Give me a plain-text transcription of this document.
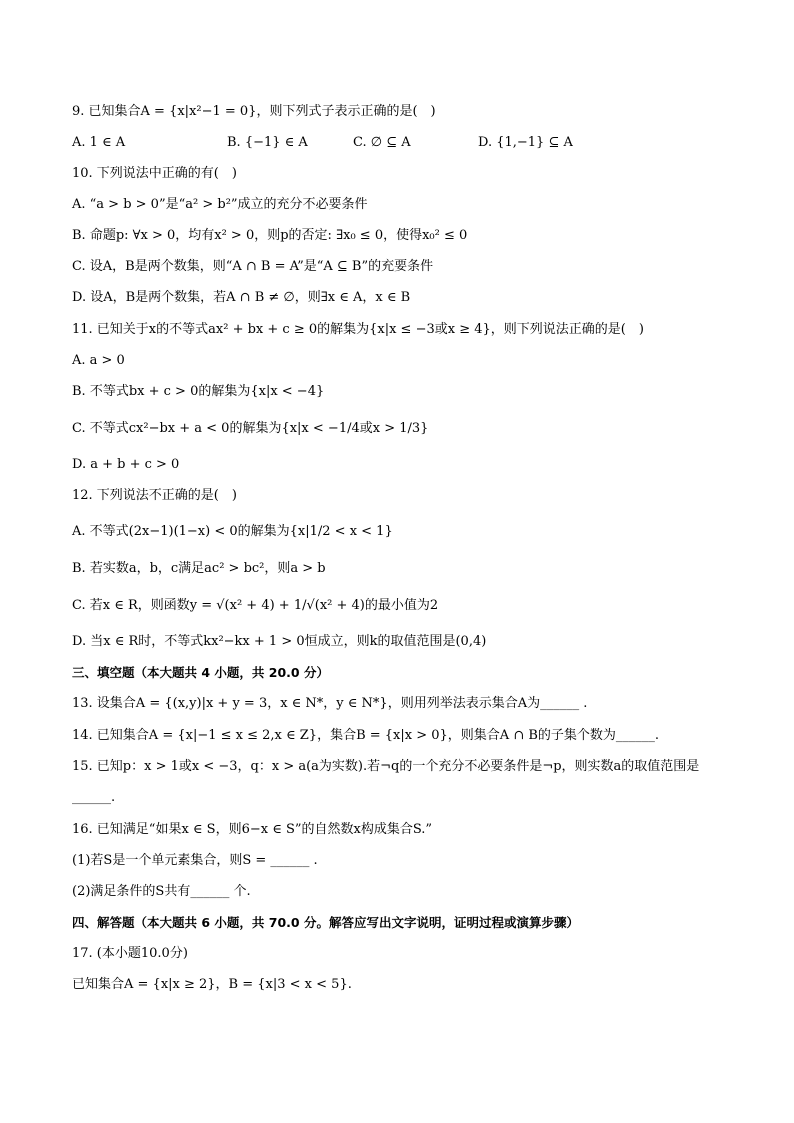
9. 已知集合A = {x|x²−1 = 0}，则下列式子表示正确的是(　)
A. 1 ∈ A	B. {−1} ∈ A	C. ∅ ⊆ A	D. {1,−1} ⊆ A
10. 下列说法中正确的有(　)
A. “a > b > 0”是“a² > b²”成立的充分不必要条件
B. 命题p: ∀x > 0，均有x² > 0，则p的否定: ∃x₀ ≤ 0，使得x₀² ≤ 0
C. 设A，B是两个数集，则“A ∩ B = A”是“A ⊆ B”的充要条件
D. 设A，B是两个数集，若A ∩ B ≠ ∅，则∃x ∈ A，x ∈ B
11. 已知关于x的不等式ax² + bx + c ≥ 0的解集为{x|x ≤ −3或x ≥ 4}，则下列说法正确的是(　)
A. a > 0
B. 不等式bx + c > 0的解集为{x|x < −4}
C. 不等式cx²−bx + a < 0的解集为{x|x < −1/4或x > 1/3}
D. a + b + c > 0
12. 下列说法不正确的是(　)
A. 不等式(2x−1)(1−x) < 0的解集为{x|1/2 < x < 1}
B. 若实数a，b，c满足ac² > bc²，则a > b
C. 若x ∈ R，则函数y = √(x² + 4) + 1/√(x² + 4)的最小值为2
D. 当x ∈ R时，不等式kx²−kx + 1 > 0恒成立，则k的取值范围是(0,4)
三、填空题（本大题共 4 小题，共 20.0 分）
13. 设集合A = {(x,y)|x + y = 3，x ∈ N*，y ∈ N*}，则用列举法表示集合A为______ .
14. 已知集合A = {x|−1 ≤ x ≤ 2,x ∈ Z}，集合B = {x|x > 0}，则集合A ∩ B的子集个数为______.
15. 已知p：x > 1或x < −3，q：x > a(a为实数).若¬q的一个充分不必要条件是¬p，则实数a的取值范围是
______.
16. 已知满足“如果x ∈ S，则6−x ∈ S”的自然数x构成集合S.”
(1)若S是一个单元素集合，则S = ______ .
(2)满足条件的S共有______ 个.
四、解答题（本大题共 6 小题，共 70.0 分。解答应写出文字说明，证明过程或演算步骤）
17. (本小题10.0分)
已知集合A = {x|x ≥ 2}，B = {x|3 < x < 5}.
